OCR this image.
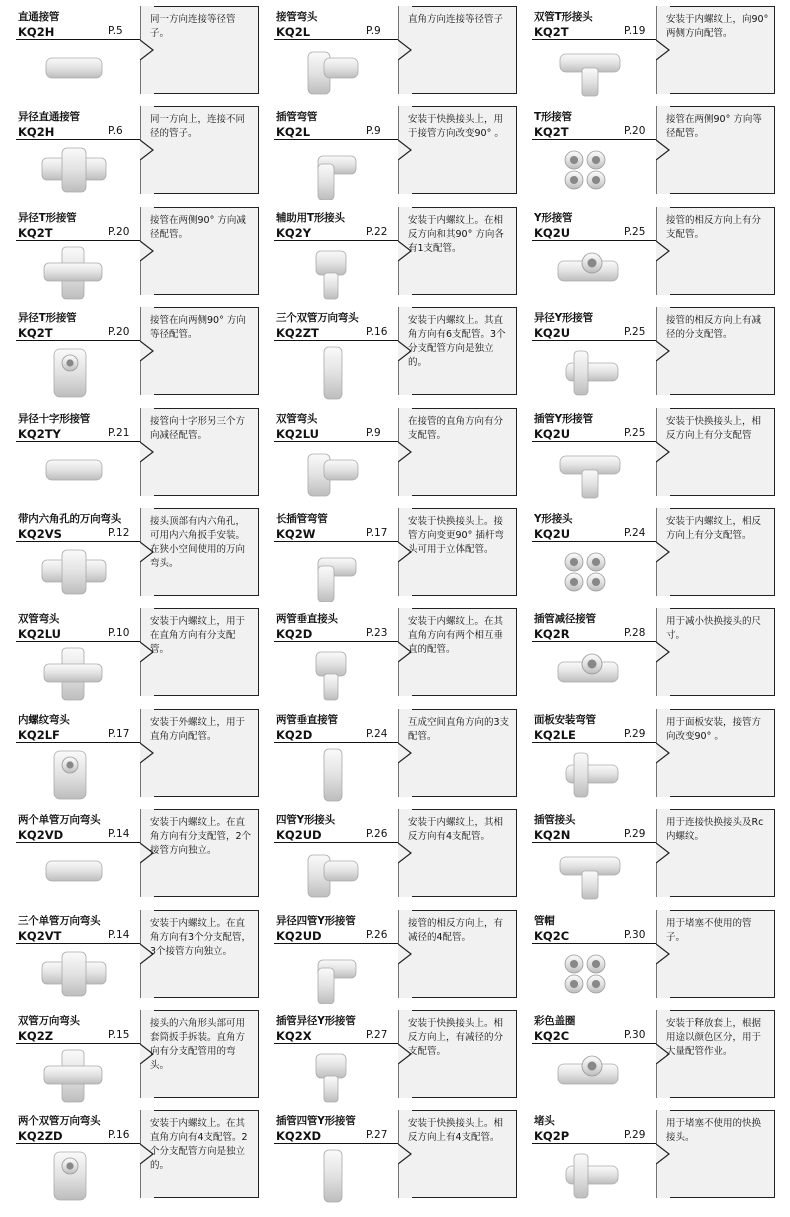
直通接管
KQ2H	P.5
同一方向连接等径管子。
接管弯头
KQ2L	P.9
直角方向连接等径管子	双管T形接头
KQ2T	P.19
安装于内螺纹上，向90° 两侧方向配管。
异径直通接管
KQ2H	P.6
同一方向上，连接不同径的管子。
插管弯管
KQ2L	P.9
安装于快换接头上，用于接管方向改变90° 。
T形接管
KQ2T	P.20
接管在两侧90° 方向等径配管。
异径T形接管
KQ2T	P.20
接管在两侧90° 方向减径配管。
辅助用T形接头
KQ2Y	P.22
安装于内螺纹上。在相反方向和其90° 方向各有1支配管。
Y形接管
KQ2U	P.25
接管的相反方向上有分支配管。
异径T形接管
KQ2T	P.20
接管在向两侧90° 方向等径配管。
三个双管万向弯头
KQ2ZT	P.16
安装于内螺纹上。其直角方向有6支配管。3个分支配管方向是独立的。
异径Y形接管
KQ2U	P.25
接管的相反方向上有减径的分支配管。
异径十字形接管
KQ2TY	P.21
接管向十字形另三个方向减径配管。
双管弯头
KQ2LU	P.9
在接管的直角方向有分支配管。
插管Y形接管
KQ2U	P.25
安装于快换接头上，相反方向上有分支配管
带内六角孔的万向弯头
KQ2VS	P.12
接头顶部有内六角孔，可用内六角扳手安装。在狭小空间使用的万向弯头。
长插管弯管
KQ2W	P.17
安装于快换接头上。接管方向变更90° 插杆弯头可用于立体配管。
Y形接头
KQ2U	P.24
安装于内螺纹上，相反方向上有分支配管。
双管弯头
KQ2LU	P.10
安装于内螺纹上，用于在直角方向有分支配管。
两管垂直接头
KQ2D	P.23
安装于内螺纹上。在其直角方向有两个相互垂直的配管。
插管减径接管
KQ2R	P.28
用于减小快换接头的尺寸。
内螺纹弯头
KQ2LF	P.17
安装于外螺纹上，用于直角方向配管。
两管垂直接管
KQ2D	P.24
互成空间直角方向的3支配管。
面板安装弯管
KQ2LE	P.29
用于面板安装，接管方向改变90° 。
两个单管万向弯头
KQ2VD	P.14
安装于内螺纹上。在直角方向有分支配管，2个接管方向独立。
四管Y形接头
KQ2UD	P.26
安装于内螺纹上，其相反方向有4支配管。
插管接头
KQ2N	P.29
用于连接快换接头及Rc内螺纹。
三个单管万向弯头
KQ2VT	P.14
安装于内螺纹上。在直角方向有3个分支配管，3个接管方向独立。
异径四管Y形接管
KQ2UD	P.26
接管的相反方向上，有减径的4配管。
管帽
KQ2C	P.30
用于堵塞不使用的管子。
双管万向弯头
KQ2Z	P.15
接头的六角形头部可用套筒扳手拆装。直角方向有分支配管用的弯头。
插管异径Y形接管
KQ2X	P.27
安装于快换接头上。相反方向上，有减径的分支配管。
彩色盖圈
KQ2C	P.30
安装于释放套上，根据用途以颜色区分，用于大量配管作业。
两个双管万向弯头
KQ2ZD	P.16
安装于内螺纹上。在其直角方向有4支配管。2个分支配管方向是独立的。
插管四管Y形接管
KQ2XD	P.27
安装于快换接头上。相反方向上有4支配管。
堵头
KQ2P	P.29
用于堵塞不使用的快换接头。
